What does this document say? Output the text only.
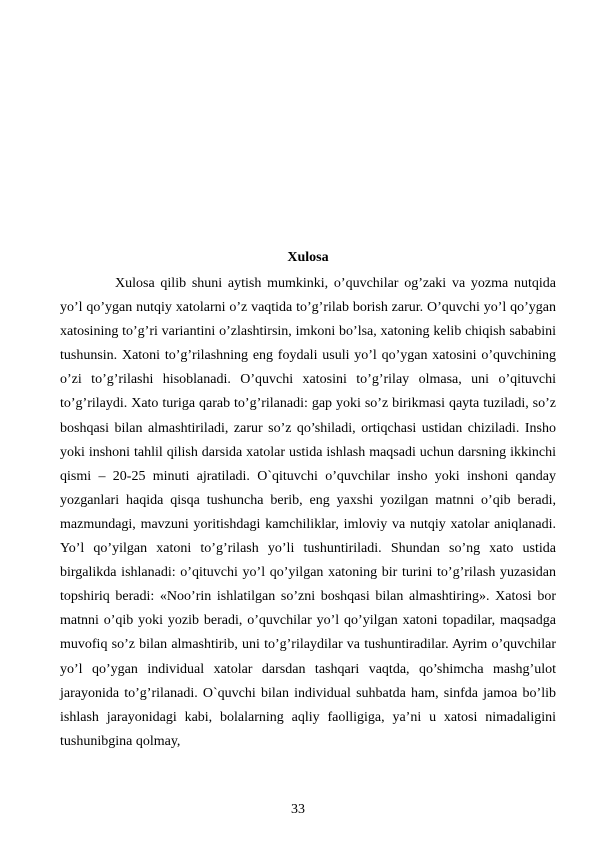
Xulosa

Xulosa qilib shuni aytish mumkinki, o’quvchilar og’zaki va yozma nutqida yo’l qo’ygan nutqiy xatolarni o’z vaqtida to’g’rilab borish zarur. O’quvchi yo’l qo’ygan xatosining to’g’ri variantini o’zlashtirsin, imkoni bo’lsa, xatoning kelib chiqish sababini tushunsin. Xatoni to’g’rilashning eng foydali usuli yo’l qo’ygan xatosini o’quvchining o’zi to’g’rilashi hisoblanadi. O’quvchi xatosini to’g’rilay olmasa, uni o’qituvchi to’g’rilaydi. Xato turiga qarab to’g’rilanadi: gap yoki so’z birikmasi qayta tuziladi, so’z boshqasi bilan almashtiriladi, zarur so’z qo’shiladi, ortiqchasi ustidan chiziladi. Insho yoki inshoni tahlil qilish darsida xatolar ustida ishlash maqsadi uchun darsning ikkinchi qismi – 20-25 minuti ajratiladi. O`qituvchi o’quvchilar insho yoki inshoni qanday yozganlari haqida qisqa tushuncha berib, eng yaxshi yozilgan matnni o’qib beradi, mazmundagi, mavzuni yoritishdagi kamchiliklar, imloviy va nutqiy xatolar aniqlanadi. Yo’l qo’yilgan xatoni to’g’rilash yo’li tushuntiriladi. Shundan so’ng xato ustida birgalikda ishlanadi: o’qituvchi yo’l qo’yilgan xatoning bir turini to’g’rilash yuzasidan topshiriq beradi: «Noo’rin ishlatilgan so’zni boshqasi bilan almashtiring». Xatosi bor matnni o’qib yoki yozib beradi, o’quvchilar yo’l qo’yilgan xatoni topadilar, maqsadga muvofiq so’z bilan almashtirib, uni to’g’rilaydilar va tushuntiradilar. Ayrim o’quvchilar yo’l qo’ygan individual xatolar darsdan tashqari vaqtda, qo’shimcha mashg’ulot jarayonida to’g’rilanadi. O`quvchi bilan individual suhbatda ham, sinfda jamoa bo’lib ishlash jarayonidagi kabi, bolalarning aqliy faolligiga, ya’ni u xatosi nimadaligini tushunibgina qolmay,

33
